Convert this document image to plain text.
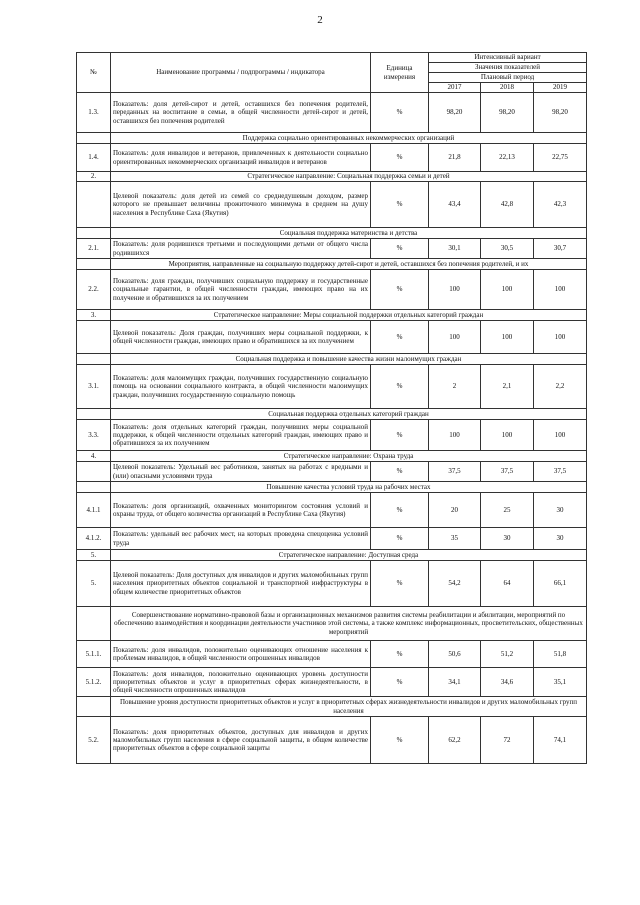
2
№	Наименование программы / подпрограммы / индикатора	Единица измерения	Интенсивный вариант		
			Значения показателей		
			Плановый период		
			2017	2018	2019
1.3.	Показатель: доля детей-сирот и детей, оставшихся без попечения родителей, переданных на воспитание в семьи, в общей численности детей-сирот и детей, оставшихся без попечения родителей	%	98,20	98,20	98,20
	Поддержка социально ориентированных некоммерческих организаций				
1.4.	Показатель: доля инвалидов и ветеранов, привлеченных к деятельности социально ориентированных некоммерческих организаций инвалидов и ветеранов	%	21,8	22,13	22,75
2.	Стратегическое направление: Социальная поддержка семьи и детей				
	Целевой показатель: доля детей из семей со среднедушевым доходом, размер которого не превышает величины прожиточного минимума в среднем на душу населения в Республике Саха (Якутия)	%	43,4	42,8	42,3
	Социальная поддержка материнства и детства				
2.1.	Показатель: доля родившихся третьими и последующими детьми от общего числа родившихся	%	30,1	30,5	30,7
	Мероприятия, направленные на социальную поддержку детей-сирот и детей, оставшихся без попечения родителей, и их				
2.2.	Показатель: доля граждан, получивших социальную поддержку и государственные социальные гарантии, в общей численности граждан, имеющих право на их получение и обратившихся за их получением	%	100	100	100
3.	Стратегическое направление: Меры социальной поддержки отдельных категорий граждан				
	Целевой показатель: Доля граждан, получивших меры социальной поддержки, к общей численности граждан, имеющих право и обратившихся за их получением	%	100	100	100
	Социальная поддержка и повышение качества жизни малоимущих граждан				
3.1.	Показатель: доля малоимущих граждан, получивших государственную социальную помощь на основании социального контракта, в общей численности малоимущих граждан, получивших государственную социальную помощь	%	2	2,1	2,2
	Социальная поддержка отдельных категорий граждан				
3.3.	Показатель: доля отдельных категорий граждан, получивших меры социальной поддержки, к общей численности отдельных категорий граждан, имеющих право и обратившихся за их получением	%	100	100	100
4.	Стратегическое направление: Охрана труда				
	Целевой показатель: Удельный вес работников, занятых на работах с вредными и (или) опасными условиями труда	%	37,5	37,5	37,5
	Повышение качества условий труда на рабочих местах				
4.1.1	Показатель: доля организаций, охваченных мониторингом состояния условий и охраны труда, от общего количества организаций в Республике Саха (Якутия)	%	20	25	30
4.1.2.	Показатель: удельный вес рабочих мест, на которых проведена спецоценка условий труда	%	35	30	30
5.	Стратегическое направление: Доступная среда				
5.	Целевой показатель: Доля доступных для инвалидов и других маломобильных групп населения приоритетных объектов социальной и транспортной инфраструктуры в общем количестве приоритетных объектов	%	54,2	64	66,1
	Совершенствование нормативно-правовой базы и организационных механизмов развития системы реабилитации и абилитации, мероприятий по обеспечению взаимодействия и координации деятельности участников этой системы, а также комплекс информационных, просветительских, общественных мероприятий				
5.1.1.	Показатель: доля инвалидов, положительно оценивающих отношение населения к проблемам инвалидов, в общей численности опрошенных инвалидов	%	50,6	51,2	51,8
5.1.2.	Показатель: доля инвалидов, положительно оценивающих уровень доступности приоритетных объектов и услуг в приоритетных сферах жизнедеятельности, в общей численности опрошенных инвалидов	%	34,1	34,6	35,1
	Повышение уровня доступности приоритетных объектов и услуг в приоритетных сферах жизнедеятельности инвалидов и других маломобильных групп населения				
5.2.	Показатель: доля приоритетных объектов, доступных для инвалидов и других маломобильных групп населения в сфере социальной защиты, в общем количестве приоритетных объектов в сфере социальной защиты	%	62,2	72	74,1
